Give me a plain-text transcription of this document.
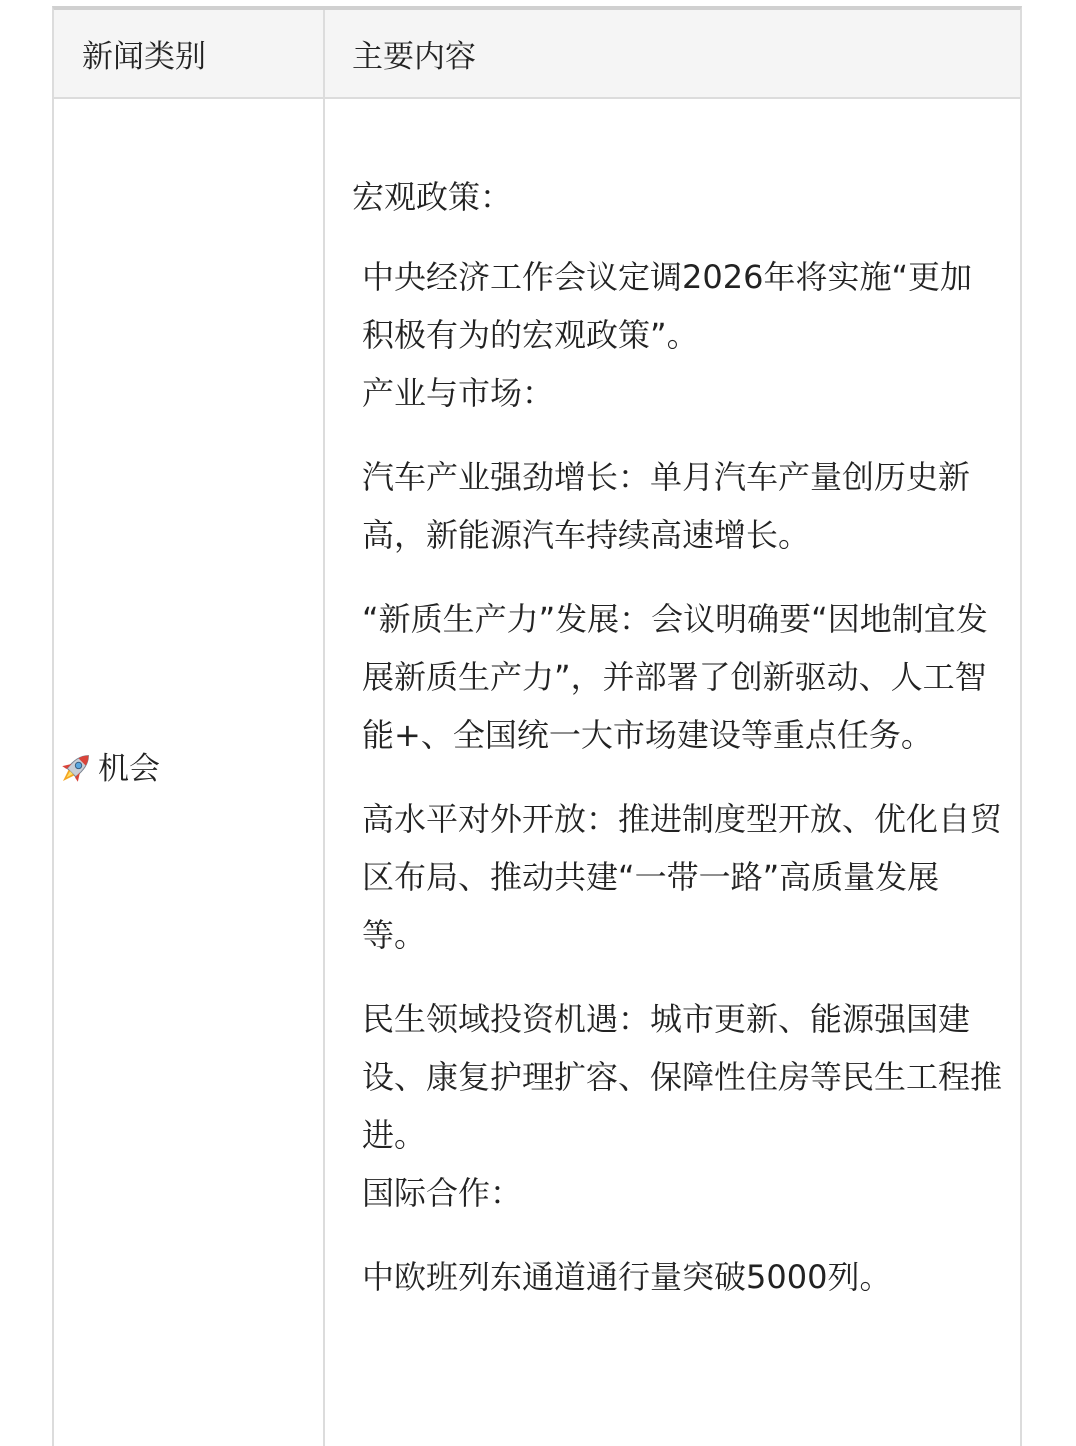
新闻类别	主要内容
机会
宏观政策：

中央经济工作会议定调2026年将实施“更加积极有为的宏观政策”。

产业与市场：

汽车产业强劲增长：单月汽车产量创历史新高，新能源汽车持续高速增长。

“新质生产力”发展：会议明确要“因地制宜发展新质生产力”，并部署了创新驱动、人工智能+、全国统一大市场建设等重点任务。

高水平对外开放：推进制度型开放、优化自贸区布局、推动共建“一带一路”高质量发展等。

民生领域投资机遇：城市更新、能源强国建设、康复护理扩容、保障性住房等民生工程推进。

国际合作：

中欧班列东通道通行量突破5000列。
